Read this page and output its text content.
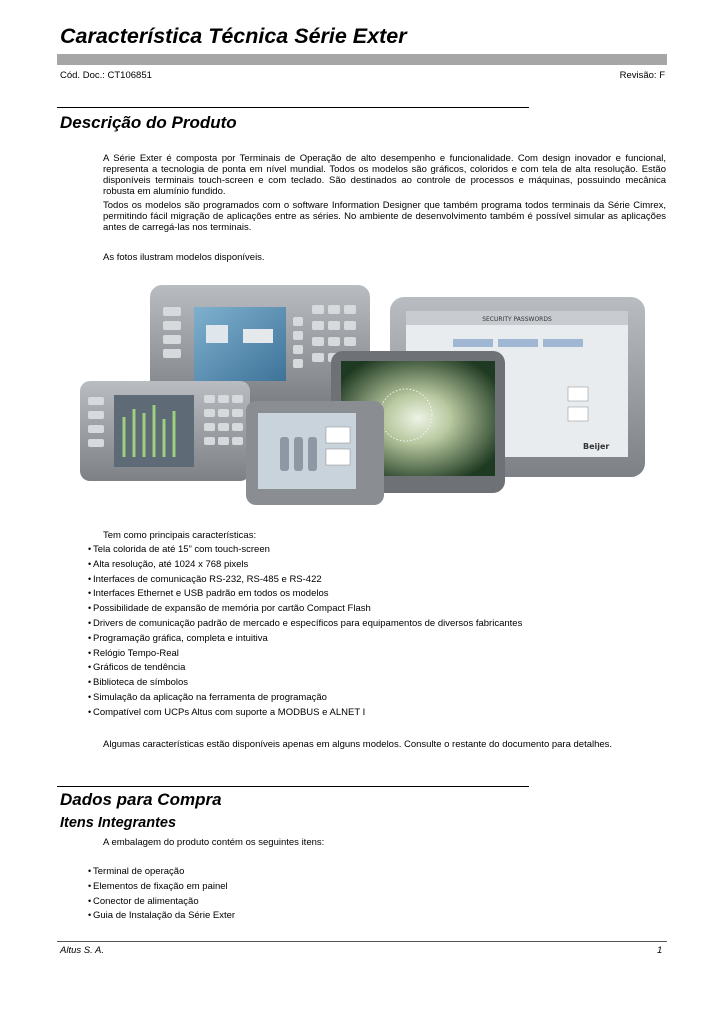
Característica Técnica Série Exter
Cód. Doc.: CT106851	Revisão: F
Descrição do Produto
A Série Exter é composta por Terminais de Operação de alto desempenho e funcionalidade. Com design inovador e funcional, representa a tecnologia de ponta em nível mundial. Todos os modelos são gráficos, coloridos e com tela de alta resolução. Estão disponíveis terminais touch-screen e com teclado. São destinados ao controle de processos e máquinas, possuindo mecânica robusta em alumínio fundido.
Todos os modelos são programados com o software Information Designer que também programa todos terminais da Série Cimrex, permitindo fácil migração de aplicações entre as séries. No ambiente de desenvolvimento também é possível simular as aplicações antes de carregá-las nos terminais.
As fotos ilustram modelos disponíveis.
SECURITY PASSWORDS
Beijer
Tem como principais características:
• Tela colorida de até 15” com touch-screen
• Alta resolução, até 1024 x 768 pixels
• Interfaces de comunicação RS-232, RS-485 e RS-422
• Interfaces Ethernet e USB padrão em todos os modelos
• Possibilidade de expansão de memória por cartão Compact Flash
• Drivers de comunicação padrão de mercado e específicos para equipamentos de diversos fabricantes
• Programação gráfica, completa e intuitiva
• Relógio Tempo-Real
• Gráficos de tendência
• Biblioteca de símbolos
• Simulação da aplicação na ferramenta de programação
• Compatível com UCPs Altus com suporte a MODBUS e ALNET I
Algumas características estão disponíveis apenas em alguns modelos. Consulte o restante do documento para detalhes.
Dados para Compra
Itens Integrantes
A embalagem do produto contém os seguintes itens:
• Terminal de operação
• Elementos de fixação em painel
• Conector de alimentação
• Guia de Instalação da Série Exter
Altus S. A.	1
